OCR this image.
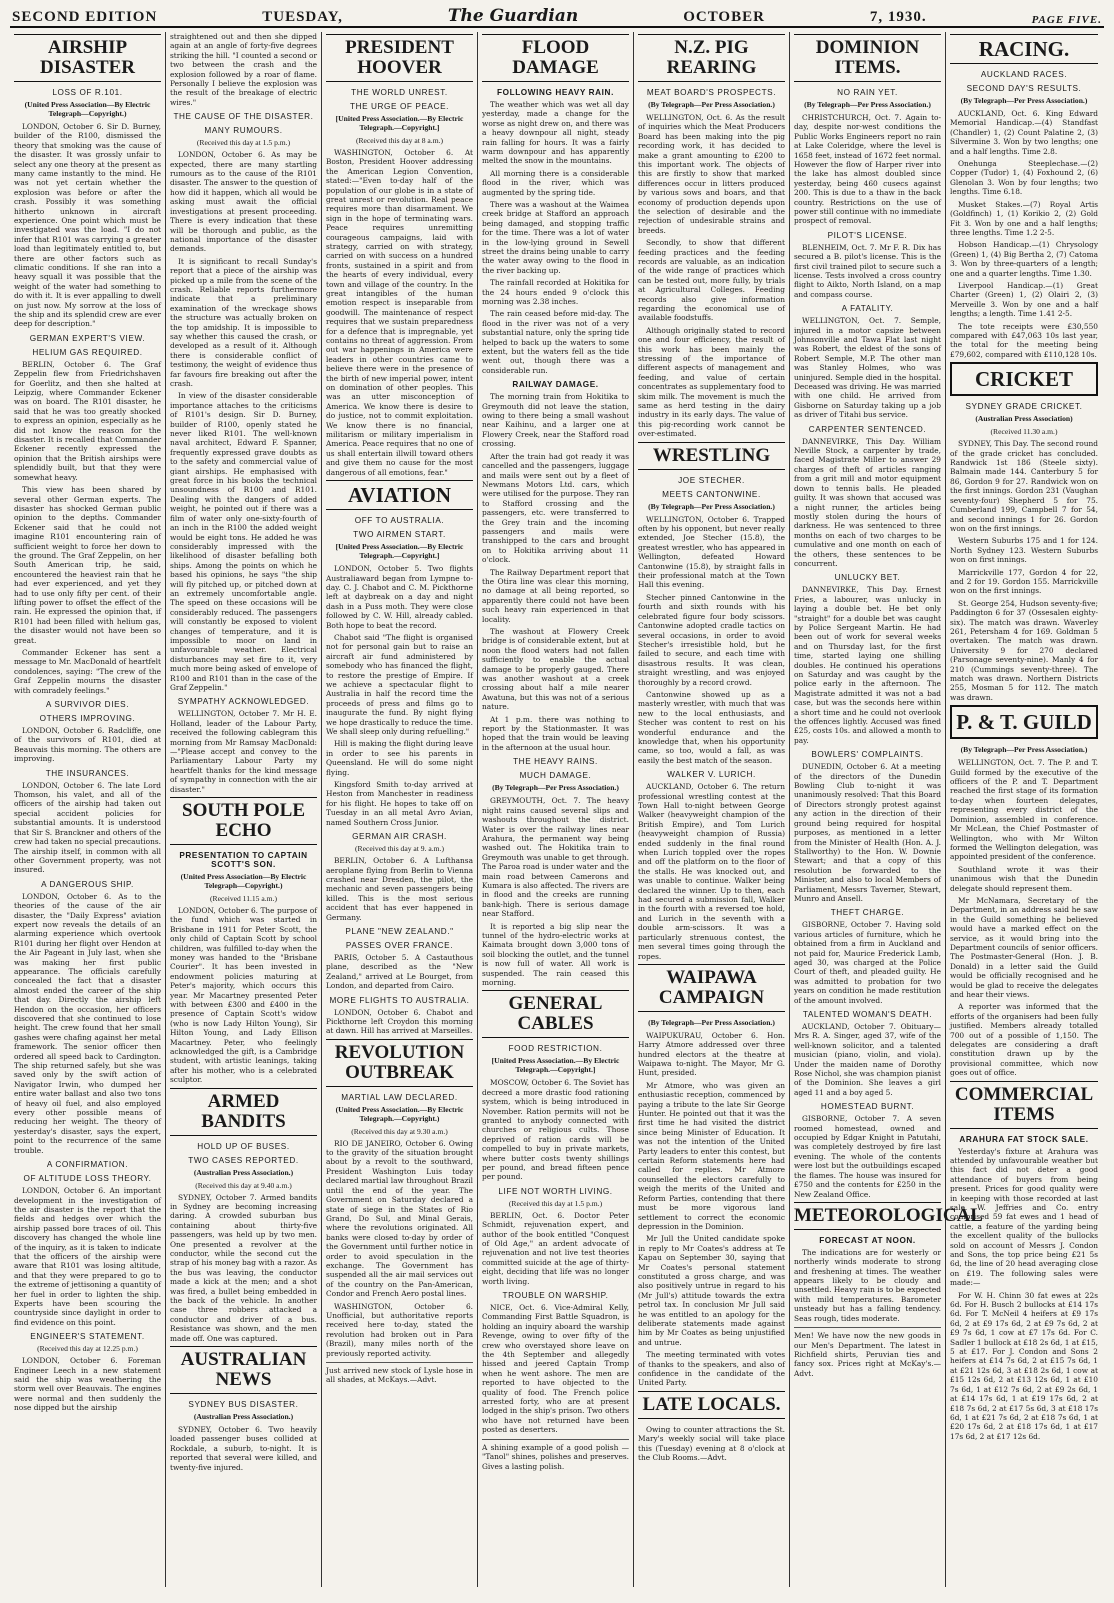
SECOND EDITION	TUESDAY,	The Guardian	OCTOBER	7, 1930.	PAGE FIVE.
AIRSHIP DISASTER
LOSS OF R.101.
(United Press Association—By Electric Telegraph—Copyright.)

LONDON, October 6. Sir D. Burney, builder of the R100, dismissed the theory that smoking was the cause of the disaster. It was grossly unfair to select any one theory at the present as many came instantly to the mind. He was not yet certain whether the explosion was before or after the crash. Possibly it was something hitherto unknown in aircraft experience. One point which must be investigated was the load. "I do not infer that R101 was carrying a greater load than legitimately entitled to, but there are other factors such as climatic conditions. If she ran into a heavy squall it was possible that the weight of the water had something to do with it. It is ever appalling to dwell on just now. My sorrow at the loss of the ship and its splendid crew are ever deep for description."

GERMAN EXPERT'S VIEW.
HELIUM GAS REQUIRED.

BERLIN, October 6. The Graf Zeppelin flew from Friedrichshaven for Goerlitz, and then she halted at Leipzig, where Commander Eckener was on board. The R101 disaster, he said that he was too greatly shocked to express an opinion, especially as he did not know the reason for the disaster. It is recalled that Commander Eckener recently expressed the opinion that the British airships were splendidly built, but that they were somewhat heavy.

This view has been shared by several other German experts. The disaster has shocked German public opinion to the depths. Commander Eckener said that he could not imagine R101 encountering rain of sufficient weight to force her down to the ground. The Graf Zeppelin, on her South American trip, he said, encountered the heaviest rain that he had ever experienced, and yet they had to use only fifty per cent. of their lifting power to offset the effect of the rain. He expressed the opinion that, if R101 had been filled with helium gas, the disaster would not have been so great.

Commander Eckener has sent a message to Mr. MacDonald of heartfelt condolences, saying: "The crew of the Graf Zeppelin mourns the disaster with comradely feelings."

A SURVIVOR DIES.
OTHERS IMPROVING.

LONDON, October 6. Radcliffe, one of the survivors of R101, died at Beauvais this morning. The others are improving.

THE INSURANCES.

LONDON, October 6. The late Lord Thomson, his valet, and all of the officers of the airship had taken out special accident policies for substantial amounts. It is understood that Sir S. Branckner and others of the crew had taken no special precautions. The airship itself, in common with all other Government property, was not insured.

A DANGEROUS SHIP.

LONDON, October 6. As to the theories of the cause of the air disaster, the "Daily Express" aviation expert now reveals the details of an alarming experience which overtook R101 during her flight over Hendon at the Air Pageant in July last, when she was making her first public appearance. The officials carefully concealed the fact that a disaster almost ended the career of the ship that day. Directly the airship left Hendon on the occasion, her officers discovered that she continued to lose height. The crew found that her small gashes were chafing against her metal framework. The senior officer then ordered all speed back to Cardington. The ship returned safely, but she was saved only by the swift action of Navigator Irwin, who dumped her entire water ballast and also two tons of heavy oil fuel, and also employed every other possible means of reducing her weight. The theory of yesterday's disaster, says the expert, point to the recurrence of the same trouble.

A CONFIRMATION.
OF ALTITUDE LOSS THEORY.

LONDON, October 6. An important development in the investigation of the air disaster is the report that the fields and hedges over which the airship passed bore traces of oil. This discovery has changed the whole line of the inquiry, as it is taken to indicate that the officers of the airship were aware that R101 was losing altitude, and that they were prepared to go to the extreme of jettisoning a quantity of her fuel in order to lighten the ship. Experts have been scouring the countryside since daylight in order to find evidence on this point.

ENGINEER'S STATEMENT.
(Received this day at 12.25 p.m.)

LONDON, October 6. Foreman Engineer Leech in a new statement said the ship was weathering the storm well over Beauvais. The engines were normal and then suddenly the nose dipped but the airship

straightened out and then she dipped again at an angle of forty-five degrees striking the hill. "I counted a second or two between the crash and the explosion followed by a roar of flame. Personally I believe the explosion was the result of the breakage of electric wires."

THE CAUSE OF THE DISASTER.
MANY RUMOURS.
(Received this day at 1.5 p.m.)

LONDON, October 6. As may be expected, there are many startling rumours as to the cause of the R101 disaster. The answer to the question of how did it happen, which all would be asking must await the official investigations at present proceeding. There is every indication that these will be thorough and public, as the national importance of the disaster demands.

It is significant to recall Sunday's report that a piece of the airship was picked up a mile from the scene of the crash. Reliable reports furthermore indicate that a preliminary examination of the wreckage shows the structure was actually broken on the top amidship. It is impossible to say whether this caused the crash, or developed as a result of it. Although there is considerable conflict of testimony, the weight of evidence thus far favours fire breaking out after the crash.

In view of the disaster considerable importance attaches to the criticisms of R101's design. Sir D. Burney, builder of R100, openly stated he never liked R101. The well-known naval architect, Edward F. Spanner, frequently expressed grave doubts as to the safety and commercial value of giant airships. He emphasised with great force in his books the technical unsoundness of R100 and R101. Dealing with the dangers of added weight, he pointed out if there was a film of water only one-sixty-fourth of an inch in the R100 the added weight would be eight tons. He added he was considerably impressed with the likelihood of disaster befalling both ships. Among the points on which he based his opinions, he says "the ship will fly pitched up, or pitched down at an extremely uncomfortable angle. The speed on these occasions will be considerably reduced. The passengers will constantly be exposed to violent changes of temperature, and it is impossible to moor on land in unfavourable weather. Electrical disturbances may set fire to it, very much more being asked of envelope of R100 and R101 than in the case of the Graf Zeppelin."

SYMPATHY ACKNOWLEDGED.

WELLINGTON, October 7. Mr H. E. Holland, leader of the Labour Party, received the following cablegram this morning from Mr Ramsay MacDonald:—"Please accept and convey to the Parliamentary Labour Party my heartfelt thanks for the kind message of sympathy in connection with the air disaster."

SOUTH POLE ECHO
PRESENTATION TO CAPTAIN SCOTT'S SON.
(United Press Association—By Electric Telegraph—Copyright.)
(Received 11.15 a.m.)

LONDON, October 6. The purpose of the fund which was started in Brisbane in 1911 for Peter Scott, the only child of Captain Scott by school children, was fulfilled to-day when the money was handed to the "Brisbane Courier". It has been invested in endowment policies maturing at Peter's majority, which occurs this year. Mr Macartney presented Peter with between £300 and £400 in the presence of Captain Scott's widow (who is now Lady Hilton Young), Sir Hilton Young, and Lady Ellison Macartney. Peter, who feelingly acknowledged the gift, is a Cambridge student, with artistic leanings, taking after his mother, who is a celebrated sculptor.

ARMED BANDITS
HOLD UP OF BUSES.
TWO CASES REPORTED.
(Australian Press Association.)
(Received this day at 9.40 a.m.)

SYDNEY, October 7. Armed bandits in Sydney are becoming increasing daring. A crowded suburban bus containing about thirty-five passengers, was held up by two men. One presented a revolver at the conductor, while the second cut the strap of his money bag with a razor. As the bus was leaving, the conductor made a kick at the men; and a shot was fired, a bullet being embedded in the back of the vehicle. In another case three robbers attacked a conductor and driver of a bus. Resistance was shown, and the men made off. One was captured.

AUSTRALIAN NEWS
SYDNEY BUS DISASTER.
(Australian Press Association.)

SYDNEY, October 6. Two heavily loaded passenger buses collided at Rockdale, a suburb, to-night. It is reported that several were killed, and twenty-five injured.

PRESIDENT HOOVER
THE WORLD UNREST.
THE URGE OF PEACE.
[United Press Association.—By Electric Telegraph.—Copyright.]
(Received this day at 8 a.m.)

WASHINGTON, October 6. At Boston, President Hoover addressing the American Legion Convention, stated:—"Even to-day half of the population of our globe is in a state of great unrest or revolution. Real peace requires more than disarmament. We sign in the hope of terminating wars. Peace requires unremitting courageous campaigns, laid with strategy, carried on with strategy, carried on with success on a hundred fronts, sustained in a spirit and from the hearts of every individual, every town and village of the country. In the great intangibles of the human emotion respect is inseparable from goodwill. The maintenance of respect requires that we sustain preparedness for a defence that is impregnable, yet contains no threat of aggression. From out war happenings in America were leaders in other countries came to believe there were in the presence of the birth of new imperial power, intent on domination of other peoples. This was an utter misconception of America. We know there is desire to do justice, not to commit exploitation. We know there is no financial, militarism or military imperialism in America. Peace requires that no one of us shall entertain illwill toward others and give them no cause for the most dangerous of all emotions, fear."

AVIATION
OFF TO AUSTRALIA.
TWO AIRMEN START.
[United Press Association.—By Electric Telegraph.—Copyright.]

LONDON, October 5. Two flights Australiaward began from Lympne to-day. C. J. Chabot and C. M. Pickthorne left at daybreak on a day and night dash in a Puss moth. They were close followed by C. W. Hill, already cabled. Both hope to beat the record.

Chabot said "The flight is organised not for personal gain but to raise an aircraft air fund administered by somebody who has financed the flight, to restore the prestige of Empire. If we achieve a spectacular flight to Australia in half the record time the proceeds of press and films go to inaugurate the fund. By night flying we hope drastically to reduce the time. We shall sleep only during refuelling."

Hill is making the flight during leave in order to see his parents in Queensland. He will do some night flying.

Kingsford Smith to-day arrived at Heston from Manchester in readiness for his flight. He hopes to take off on Tuesday in an all metal Avro Avian, named Southern Cross Junior.

GERMAN AIR CRASH.
(Received this day at 9. a.m.)

BERLIN, October 6. A Lufthansa aeroplane flying from Berlin to Vienna crashed near Dresden, the pilot, the mechanic and seven passengers being killed. This is the most serious accident that has ever happened in Germany.

PLANE "NEW ZEALAND."
PASSES OVER FRANCE.

PARIS, October 5. A Castauthous plane, described as the "New Zealand," arrived at Le Bourget, from London, and departed from Cairo.

MORE FLIGHTS TO AUSTRALIA.

LONDON, October 6. Chabot and Pickthorne left Croydon this morning at dawn. Hill has arrived at Marseilles.

REVOLUTION OUTBREAK
MARTIAL LAW DECLARED.
(United Press Association.—By Electric Telegraph.—Copyright.)
(Received this day at 9.30 a.m.)

RIO DE JANEIRO, October 6. Owing to the gravity of the situation brought about by a revolt to the southward, President Washington Luis today declared martial law throughout Brazil until the end of the year. The Government on Saturday declared a state of siege in the States of Rio Grand, Do Sul, and Minal Gerais, where the revolutions originated. All banks were closed to-day by order of the Government until further notice in order to avoid speculation in the exchange. The Government has suspended all the air mail services out of the country on the Pan-American, Condor and French Aero postal lines.

WASHINGTON, October 6. Unofficial, but authoritative reports received here to-day, stated the revolution had broken out in Para (Brazil), many miles north of the previously reported activity.

Just arrived new stock of Lysle hose in all shades, at McKays.—Advt.

FLOOD DAMAGE
FOLLOWING HEAVY RAIN.

The weather which was wet all day yesterday, made a change for the worse as night drew on, and there was a heavy downpour all night, steady rain falling for hours. It was a fairly warm downpour and has apparently melted the snow in the mountains.

All morning there is a considerable flood in the river, which was augmented by the spring tide.

There was a washout at the Waimea creek bridge at Stafford an approach being damaged, and stopping traffic for the time. There was a lot of water in the low-lying ground in Sewell street the drains being unable to carry the water away owing to the flood in the river backing up.

The rainfall recorded at Hokitika for the 24 hours ended 9 o'clock this morning was 2.38 inches.

The rain ceased before mid-day. The flood in the river was not of a very substantial nature, only the spring tide helped to back up the waters to some extent, but the waters fell as the tide went out, though there was a considerable run.

RAILWAY DAMAGE.

The morning train from Hokitika to Greymouth did not leave the station, owing to there being a small washout near Kaihinu, and a larger one at Flowery Creek, near the Stafford road crossing.

After the train had got ready it was cancelled and the passengers, luggage and mails were sent out by a fleet of Newmans Motors Ltd. cars, which were utilised for the purpose. They ran to Stafford crossing and the passengers, etc. were transferred to the Grey train and the incoming passengers and mails were transhipped to the cars and brought on to Hokitika arriving about 11 o'clock.

The Railway Department report that the Otira line was clear this morning, no damage at all being reported, so apparently there could not have been such heavy rain experienced in that locality.

The washout at Flowery Creek bridge is of considerable extent, but at noon the flood waters had not fallen sufficiently to enable the actual damage to be properly gauged. There was another washout at a creek crossing about half a mile nearer Awatuna, but this was not of a serious nature.

At 1 p.m. there was nothing to report by the Stationmaster. It was hoped that the train would be leaving in the afternoon at the usual hour.

THE HEAVY RAINS.
MUCH DAMAGE.
(By Telegraph—Per Press Association.)

GREYMOUTH, Oct. 7. The heavy night rains caused several slips and washouts throughout the district. Water is over the railway lines near Arahura, the permanent way being washed out. The Hokitika train to Greymouth was unable to get through. The Paroa road is under water and the main road between Camerons and Kumara is also affected. The rivers are in flood and the creeks are running bank-high. There is serious damage near Stafford.

It is reported a big slip near the tunnel of the hydro-electric works at Kaimata brought down 3,000 tons of soil blocking the outlet, and the tunnel is now full of water. All work is suspended. The rain ceased this morning.

GENERAL CABLES
FOOD RESTRICTION.
[United Press Association.—By Electric Telegraph.—Copyright.]

MOSCOW, October 6. The Soviet has decreed a more drastic food rationing system, which is being introduced in November. Ration permits will not be granted to anybody connected with churches or religious cults. Those deprived of ration cards will be compelled to buy in private markets, where butter costs twenty shillings per pound, and bread fifteen pence per pound.

LIFE NOT WORTH LIVING.
(Received this day at 1.5 p.m.)

BERLIN, Oct. 6. Doctor Peter Schmidt, rejuvenation expert, and author of the book entitled "Conquest of Old Age," an ardent advocate of rejuvenation and not live test theories committed suicide at the age of thirty-eight, deciding that life was no longer worth living.

TROUBLE ON WARSHIP.

NICE, Oct. 6. Vice-Admiral Kelly, Commanding First Battle Squadron, is holding an inquiry aboard the warship Revenge, owing to over fifty of the crew who overstayed shore leave on the 4th September and allegedly hissed and jeered Captain Tromp when he went ashore. The men are reported to have objected to the quality of food. The French police arrested forty, who are at present lodged in the ship's prison. Two others who have not returned have been posted as deserters.

A shining example of a good polish — "Tanol" shines, polishes and preserves. Gives a lasting polish.

N.Z. PIG REARING
MEAT BOARD'S PROSPECTS.
(By Telegraph—Per Press Association.)

WELLINGTON, Oct. 6. As the result of inquiries which the Meat Producers Board has been making into the pig recording work, it has decided to make a grant amounting to £200 to this important work. The objects of this are firstly to show that marked differences occur in litters produced by various sows and boars, and that economy of production depends upon the selection of desirable and the rejection of undesirable strains and breeds.

Secondly, to show that different feeding practices and the feeding records are valuable, as an indication of the wide range of practices which can be tested out, more fully, by trials at Agricultural Colleges. Feeding records also give information regarding the economical use of available foodstuffs.

Although originally stated to record one and four efficiency, the result of this work has been mainly the stressing of the importance of different aspects of management and feeding, and value of certain concentrates as supplementary food to skim milk. The movement is much the same as herd testing in the dairy industry in its early days. The value of this pig-recording work cannot be over-estimated.

WRESTLING
JOE STECHER.
MEETS CANTONWINE.
(By Telegraph—Per Press Association.)

WELLINGTON, October 6. Trapped often by his opponent, but never really extended, Joe Stecher (15.8), the greatest wrestler, who has appeared in Wellington, defeated Howard Cantonwine (15.8), by straight falls in their professional match at the Town Hall this evening.

Stecher pinned Cantonwine in the fourth and sixth rounds with his celebrated figure four body scissors. Cantonwine adopted cradle tactics on several occasions, in order to avoid Stecher's irresistible hold, but he failed to secure, and each time with disastrous results. It was clean, straight wrestling, and was enjoyed thoroughly by a record crowd.

Cantonwine showed up as a masterly wrestler, with much that was new to the local enthusiasts, and Stecher was content to rest on his wonderful endurance and the knowledge that, when his opportunity came, so too, would a fall, as was easily the best match of the season.

WALKER V. LURICH.

AUCKLAND, October 6. The return professional wrestling contest at the Town Hall to-night between George Walker (heavyweight champion of the British Empire), and Tom Lurich (heavyweight champion of Russia) ended suddenly in the final round when Lurich toppled over the ropes and off the platform on to the floor of the stalls. He was knocked out, and was unable to continue. Walker being declared the winner. Up to then, each had secured a submission fall, Walker in the fourth with a reversed toe hold, and Lurich in the seventh with a double arm-scissors. It was a particularly strenuous contest, the men several times going through the ropes.

WAIPAWA CAMPAIGN
(By Telegraph—Per Press Association.)

WAIPUKURAU, October 6. Hon. Harry Atmore addressed over three hundred electors at the theatre at Waipawa to-night. The Mayor, Mr G. Hunt, presided.

Mr Atmore, who was given an enthusiastic reception, commenced by paying a tribute to the late Sir George Hunter. He pointed out that it was the first time he had visited the district since being Minister of Education. It was not the intention of the United Party leaders to enter this contest, but certain Reform statements here had called for replies. Mr Atmore counselled the electors carefully to weigh the merits of the United and Reform Parties, contending that there must be more vigorous land settlement to correct the economic depression in the Dominion.

Mr Jull the United candidate spoke in reply to Mr Coates's address at Te Kapau on September 30, saying that Mr Coates's personal statement constituted a gross charge, and was also positively untrue in regard to his (Mr Jull's) attitude towards the extra petrol tax. In conclusion Mr Jull said he was entitled to an apology for the deliberate statements made against him by Mr Coates as being unjustified and untrue.

The meeting terminated with votes of thanks to the speakers, and also of confidence in the candidate of the United Party.

LATE LOCALS.

Owing to counter attractions the St. Mary's weekly social will take place this (Tuesday) evening at 8 o'clock at the Club Rooms.—Advt.

DOMINION ITEMS.
NO RAIN YET.
(By Telegraph—Per Press Association.)

CHRISTCHURCH, Oct. 7. Again to-day, despite nor-west conditions the Public Works Engineers report no rain at Lake Coleridge, where the level is 1658 feet, instead of 1672 feet normal. However the flow of Harper river into the lake has almost doubled since yesterday, being 460 cusecs against 200. This is due to a thaw in the back country. Restrictions on the use of power still continue with no immediate prospect of removal.

PILOT'S LICENSE.

BLENHEIM, Oct. 7. Mr F. R. Dix has secured a B. pilot's license. This is the first civil trained pilot to secure such a license. Tests involved a cross country flight to Aikto, North Island, on a map and compass course.

A FATALITY.

WELLINGTON, Oct. 7. Semple, injured in a motor capsize between Johnsonville and Tawa Flat last night was Robert, the eldest of the sons of Robert Semple, M.P. The other man was Stanley Holmes, who was uninjured. Semple died in the hospital. Deceased was driving. He was married with one child. He arrived from Gisborne on Saturday taking up a job as driver of Titahi bus service.

CARPENTER SENTENCED.

DANNEVIRKE, This Day. William Neville Stock, a carpenter by trade, faced Magistrate Miller to answer 29 charges of theft of articles ranging from a grit mill and motor equipment down to tennis balls. He pleaded guilty. It was shown that accused was a night runner, the articles being mostly stolen during the hours of darkness. He was sentenced to three months on each of two charges to be cumulative and one month on each of the others, these sentences to be concurrent.

UNLUCKY BET.

DANNEVIRKE, This Day. Ernest Fries, a labourer, was unlucky in laying a double bet. He bet only "straight" for a double bet was caught by Police Sergeant Martin. He had been out of work for several weeks and on Thursday last, for the first time, started laying one shilling doubles. He continued his operations on Saturday and was caught by the police early in the afternoon. The Magistrate admitted it was not a bad case, but was the seconds here within a short time and he could not overlook the offences lightly. Accused was fined £25, costs 10s. and allowed a month to pay.

BOWLERS' COMPLAINTS.

DUNEDIN, October 6. At a meeting of the directors of the Dunedin Bowling Club to-night it was unanimously resolved: That this Board of Directors strongly protest against any action in the direction of their ground being required for hospital purposes, as mentioned in a letter from the Minister of Health (Hon. A. J. Stallworthy) to the Hon. W. Downie Stewart; and that a copy of this resolution be forwarded to the Minister, and also to local Members of Parliament, Messrs Taverner, Stewart, Munro and Ansell.

THEFT CHARGE.

GISBORNE, October 7. Having sold various articles of furniture, which he obtained from a firm in Auckland and not paid for, Maurice Frederick Lamb, aged 30, was charged at the Police Court of theft, and pleaded guilty. He was admitted to probation for two years on condition he made restitution of the amount involved.

TALENTED WOMAN'S DEATH.

AUCKLAND, October 7. Obituary—Mrs R. A. Singer, aged 37, wife of the well-known solicitor, and a talented musician (piano, violin, and viola). Under the maiden name of Dorothy Rose Nichol, she was champion pianist of the Dominion. She leaves a girl aged 11 and a boy aged 5.

HOMESTEAD BURNT.

GISBORNE, October 7. A seven roomed homestead, owned and occupied by Edgar Knight in Patutahi, was completely destroyed by fire last evening. The whole of the contents were lost but the outbuildings escaped the flames. The house was insured for £750 and the contents for £250 in the New Zealand Office.

METEOROLOGICAL
FORECAST AT NOON.

The indications are for westerly or northerly winds moderate to strong and freshening at times. The weather appears likely to be cloudy and unsettled. Heavy rain is to be expected with mild temperatures. Barometer unsteady but has a falling tendency. Seas rough, tides moderate.

Men! We have now the new goods in our Men's Department. The latest in Richfield shirts, Peruvian ties and fancy sox. Prices right at McKay's.—Advt.

RACING.
AUCKLAND RACES.
SECOND DAY'S RESULTS.
(By Telegraph—Per Press Association.)

AUCKLAND, Oct. 6. King Edward Memorial Handicap.—(4) Standfast (Chandler) 1, (2) Count Palatine 2, (3) Silvermine 3. Won by two lengths; one and a half lengths. Time 2.8.

Onehunga Steeplechase.—(2) Copper (Tudor) 1, (4) Foxhound 2, (6) Glenolan 3. Won by four lengths; two lengths. Time 6.18.

Musket Stakes.—(7) Royal Artis (Goldfinch) 1, (1) Korikio 2, (2) Gold Fit 3. Won by one and a half lengths; three lengths. Time 1.2 2-5.

Hobson Handicap.—(1) Chrysology (Green) 1, (4) Big Bertha 2, (7) Catoma 3. Won by three-quarters of a length; one and a quarter lengths. Time 1.30.

Liverpool Handicap.—(1) Great Charter (Green) 1, (2) Olairi 2, (3) Merveille 3. Won by one and a half lengths; a length. Time 1.41 2-5.

The tote receipts were £30,550 compared with £47,063 10s last year, the total for the meeting being £79,602, compared with £110,128 10s.

CRICKET
SYDNEY GRADE CRICKET.
(Australian Press Association)
(Received 11.30 a.m.)

SYDNEY, This Day. The second round of the grade cricket has concluded. Randwick 1st 186 (Steele sixty). Balmain made 144. Canterbury 5 for 86, Gordon 9 for 27. Randwick won on the first innings. Gordon 231 (Vaughan seventy-four) Shepherd 5 for 75. Cumberland 199, Campbell 7 for 54, and second innings 1 for 26. Gordon won on the first innings.

Western Suburbs 175 and 1 for 124. North Sydney 123. Western Suburbs won on first innings.

Marrickville 177, Gordon 4 for 22, and 2 for 19. Gordon 155. Marrickville won on the first innings.

St. George 254, Hudson seventy-five; Paddington 6 for 37 (Ossesalen eighty-six). The match was drawn. Waverley 261, Petersham 4 for 169. Goldman 5 overtaken. The match was drawn. University 9 for 270 declared (Parsonage seventy-nine). Manly 4 for 210 (Cummings seventy-three). The match was drawn. Northern Districts 255, Mosman 5 for 112. The match was drawn.

P. & T. GUILD
(By Telegraph—Per Press Association.)

WELLINGTON, Oct. 7. The P. and T. Guild formed by the executive of the officers of the P. and T. Department reached the first stage of its formation to-day when fourteen delegates, representing every district of the Dominion, assembled in conference. Mr McLean, the Chief Postmaster of Wellington, who with Mr Wilton formed the Wellington delegation, was appointed president of the conference.

Southland wrote it was their unanimous wish that the Dunedin delegate should represent them.

Mr McNamara, Secretary of the Department, in an address said he saw in the Guild something he believed would have a marked effect on the service, as it would bring into the Department councils of senior officers. The Postmaster-General (Hon. J. B. Donald) in a letter said the Guild would be officially recognised and he would be glad to receive the delegates and hear their views.

A reporter was informed that the efforts of the organisers had been fully justified. Members already totalled 700 out of a possible of 1,150. The delegates are considering a draft constitution drawn up by the provisional committee, which now goes out of office.

COMMERCIAL ITEMS
ARAHURA FAT STOCK SALE.

Yesterday's fixture at Arahura was attended by unfavourable weather but this fact did not deter a good attendance of buyers from being present. Prices for good quality were in keeping with those recorded at last sale. W. Jeffries and Co. entry comprised 59 fat ewes and 1 head of cattle, a feature of the yarding being the excellent quality of the bullocks sold on account of Messrs J. Condon and Sons, the top price being £21 5s 6d, the line of 20 head averaging close on £19. The following sales were made:—

For W. H. Chinn 30 fat ewes at 22s 6d. For H. Busch 2 bullocks at £14 17s 6d. For T. McNeil 4 heifers at £9 17s 6d, 2 at £9 17s 6d, 2 at £9 7s 6d, 2 at £9 7s 6d, 1 cow at £7 17s 6d. For C. Sadler 1 bullock at £18 2s 6d, 1 at £15, 5 at £17. For J. Condon and Sons 2 heifers at £14 7s 6d, 2 at £15 7s 6d, 1 at £21 12s 6d, 3 at £18 2s 6d, 1 cow at £15 12s 6d, 2 at £13 12s 6d, 1 at £10 7s 6d, 1 at £12 7s 6d, 2 at £9 2s 6d, 1 at £14 17s 6d, 1 at £19 17s 6d, 2 at £18 7s 6d, 2 at £17 5s 6d, 3 at £18 17s 6d, 1 at £21 7s 6d, 2 at £18 7s 6d, 1 at £20 17s 6d, 2 at £18 17s 6d, 1 at £17 17s 6d, 2 at £17 12s 6d.
